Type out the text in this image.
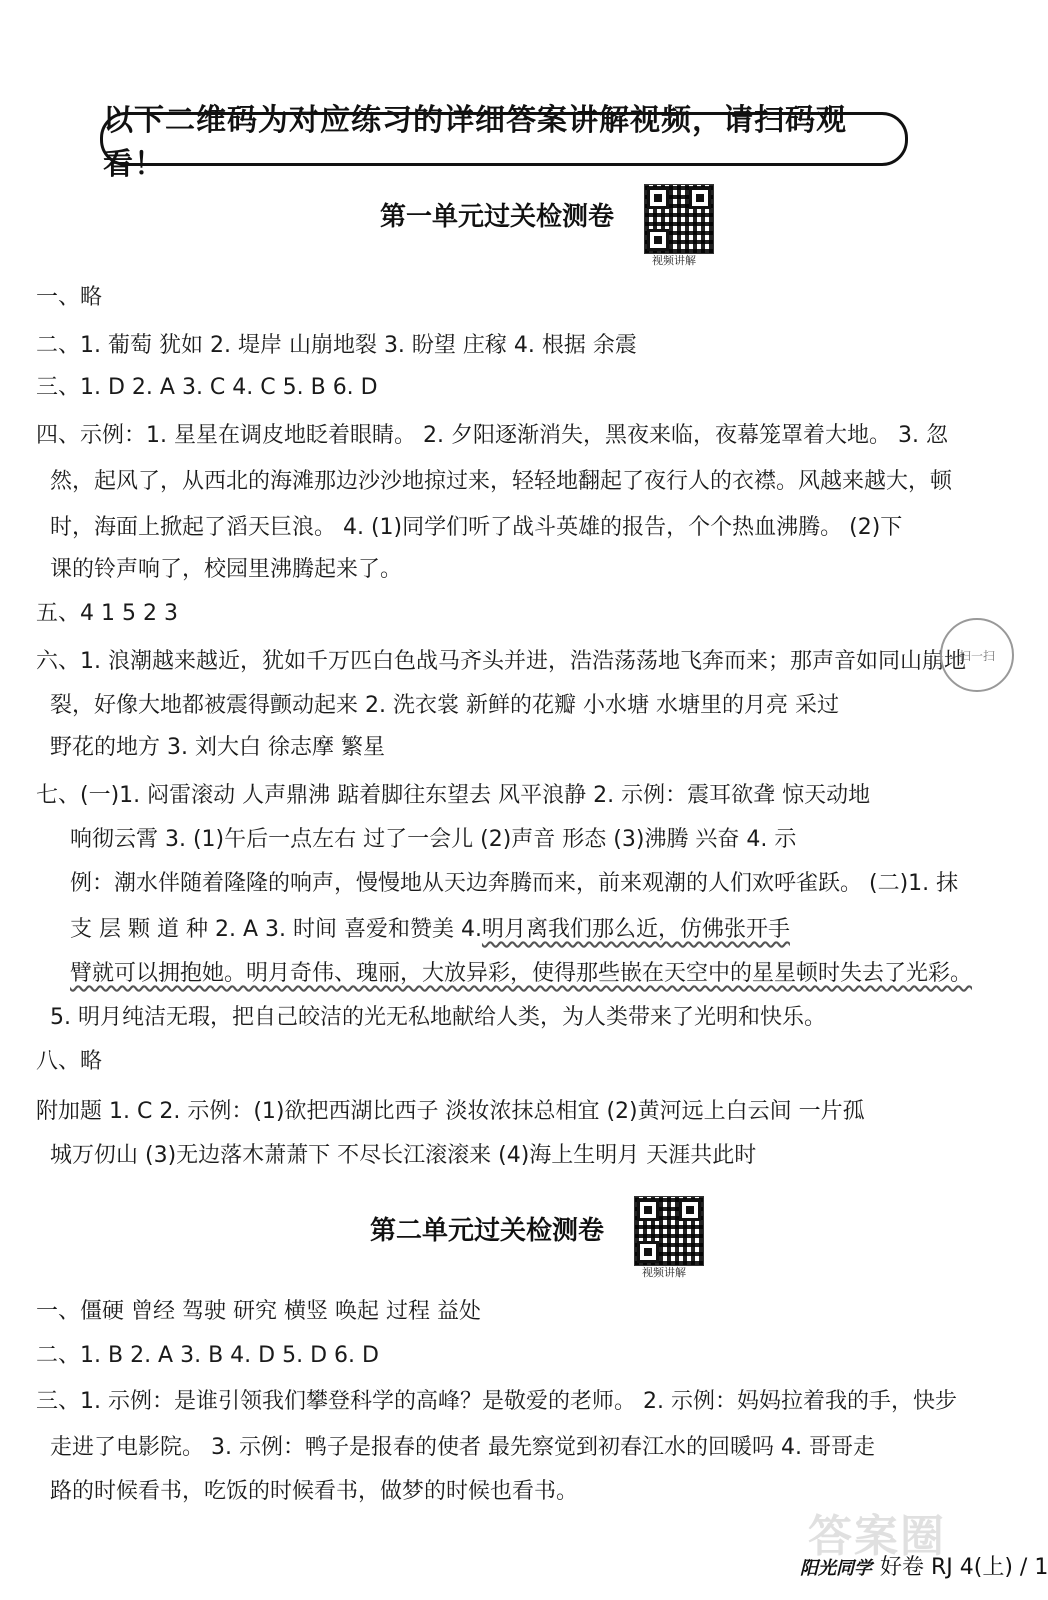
以下二维码为对应练习的详细答案讲解视频，请扫码观看！
第一单元过关检测卷
视频讲解
一、略
二、1. 葡萄 犹如 2. 堤岸 山崩地裂 3. 盼望 庄稼 4. 根据 余震
三、1. D 2. A 3. C 4. C 5. B 6. D
四、示例：1. 星星在调皮地眨着眼睛。 2. 夕阳逐渐消失，黑夜来临，夜幕笼罩着大地。 3. 忽
然，起风了，从西北的海滩那边沙沙地掠过来，轻轻地翻起了夜行人的衣襟。风越来越大，顿
时，海面上掀起了滔天巨浪。 4. (1)同学们听了战斗英雄的报告，个个热血沸腾。 (2)下
课的铃声响了，校园里沸腾起来了。
五、4 1 5 2 3
六、1. 浪潮越来越近，犹如千万匹白色战马齐头并进，浩浩荡荡地飞奔而来；那声音如同山崩地
裂，好像大地都被震得颤动起来 2. 洗衣裳 新鲜的花瓣 小水塘 水塘里的月亮 采过
野花的地方 3. 刘大白 徐志摩 繁星
七、(一)1. 闷雷滚动 人声鼎沸 踮着脚往东望去 风平浪静 2. 示例：震耳欲聋 惊天动地
响彻云霄 3. (1)午后一点左右 过了一会儿 (2)声音 形态 (3)沸腾 兴奋 4. 示
例：潮水伴随着隆隆的响声，慢慢地从天边奔腾而来，前来观潮的人们欢呼雀跃。 (二)1. 抹
支 层 颗 道 种 2. A 3. 时间 喜爱和赞美 4.明月离我们那么近，仿佛张开手
臂就可以拥抱她。明月奇伟、瑰丽，大放异彩，使得那些嵌在天空中的星星顿时失去了光彩。
5. 明月纯洁无瑕，把自己皎洁的光无私地献给人类，为人类带来了光明和快乐。
八、略
附加题 1. C 2. 示例：(1)欲把西湖比西子 淡妆浓抹总相宜 (2)黄河远上白云间 一片孤
城万仞山 (3)无边落木萧萧下 不尽长江滚滚来 (4)海上生明月 天涯共此时
第二单元过关检测卷
视频讲解
一、僵硬 曾经 驾驶 研究 横竖 唤起 过程 益处
二、1. B 2. A 3. B 4. D 5. D 6. D
三、1. 示例：是谁引领我们攀登科学的高峰？是敬爱的老师。 2. 示例：妈妈拉着我的手，快步
走进了电影院。 3. 示例：鸭子是报春的使者 最先察觉到初春江水的回暖吗 4. 哥哥走
路的时候看书，吃饭的时候看书，做梦的时候也看书。
扫一扫
答案圈
阳光同学 好卷 RJ 4(上) / 1
